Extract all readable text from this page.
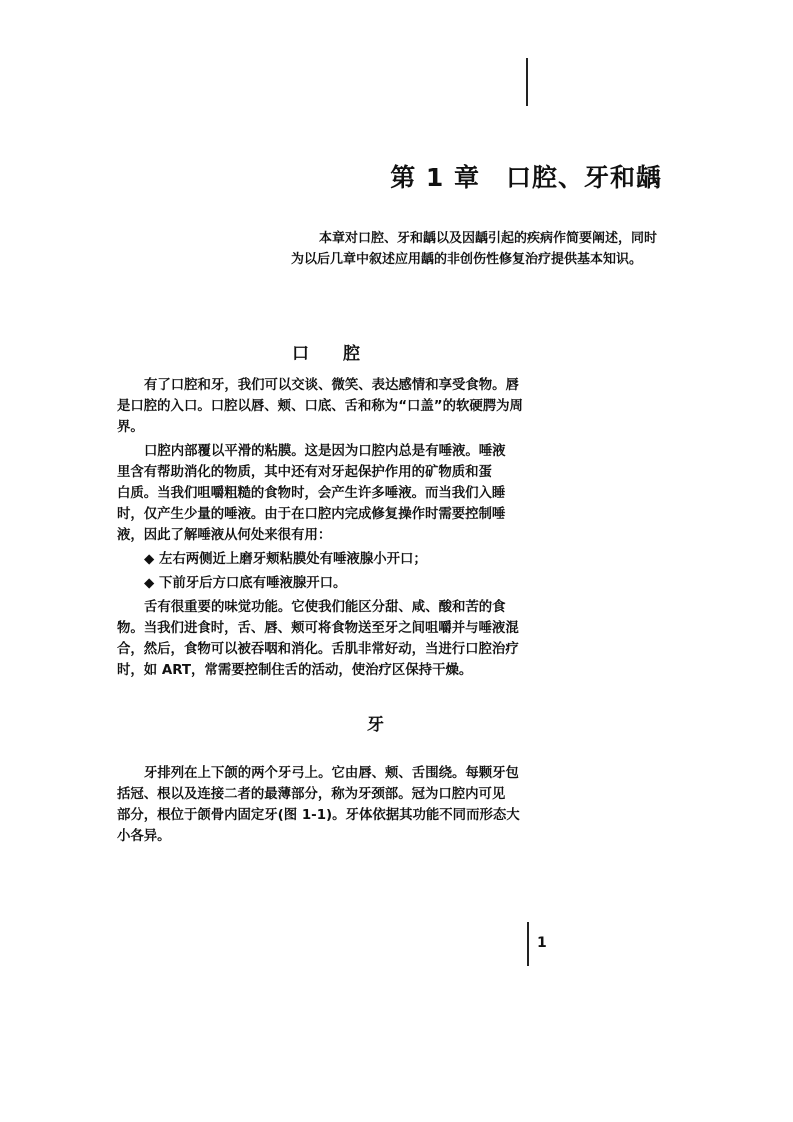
第 1 章　口腔、牙和龋
本章对口腔、牙和龋以及因龋引起的疾病作简要阐述，同时
为以后几章中叙述应用龋的非创伤性修复治疗提供基本知识。
口　　腔
有了口腔和牙，我们可以交谈、微笑、表达感情和享受食物。唇
是口腔的入口。口腔以唇、颊、口底、舌和称为“口盖”的软硬腭为周
界。
口腔内部覆以平滑的粘膜。这是因为口腔内总是有唾液。唾液
里含有帮助消化的物质，其中还有对牙起保护作用的矿物质和蛋
白质。当我们咀嚼粗糙的食物时，会产生许多唾液。而当我们入睡
时，仅产生少量的唾液。由于在口腔内完成修复操作时需要控制唾
液，因此了解唾液从何处来很有用：
◆ 左右两侧近上磨牙颊粘膜处有唾液腺小开口；
◆ 下前牙后方口底有唾液腺开口。
舌有很重要的味觉功能。它使我们能区分甜、咸、酸和苦的食
物。当我们进食时，舌、唇、颊可将食物送至牙之间咀嚼并与唾液混
合，然后，食物可以被吞咽和消化。舌肌非常好动，当进行口腔治疗
时，如 ART，常需要控制住舌的活动，使治疗区保持干燥。
牙
牙排列在上下颌的两个牙弓上。它由唇、颊、舌围绕。每颗牙包
括冠、根以及连接二者的最薄部分，称为牙颈部。冠为口腔内可见
部分，根位于颌骨内固定牙(图 1-1)。牙体依据其功能不同而形态大
小各异。
1
